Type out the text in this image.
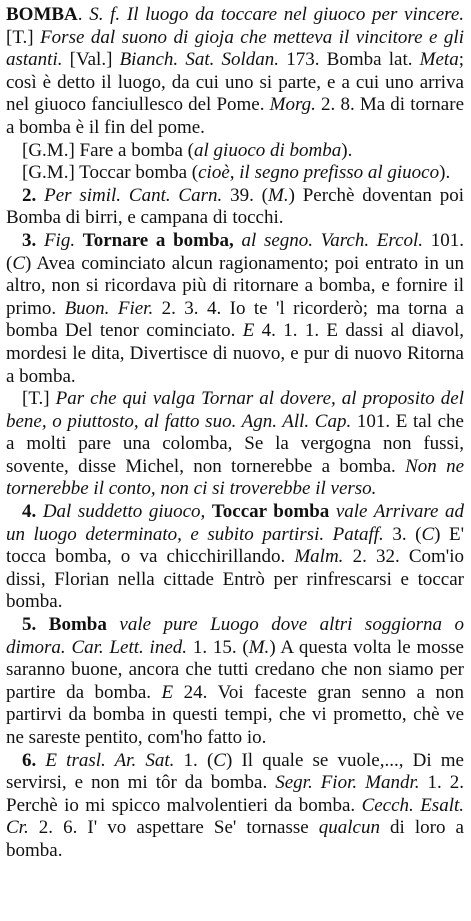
BOMBA. S. f. Il luogo da toccare nel giuoco per vincere. [T.] Forse dal suono di gioja che metteva il vincitore e gli astanti. [Val.] Bianch. Sat. Soldan. 173. Bomba lat. Meta; così è detto il luogo, da cui uno si parte, e a cui uno arriva nel giuoco fanciullesco del Pome. Morg. 2. 8. Ma di tornare a bomba è il fin del pome.

[G.M.] Fare a bomba (al giuoco di bomba).

[G.M.] Toccar bomba (cioè, il segno prefisso al giuoco).

2. Per simil. Cant. Carn. 39. (M.) Perchè doventan poi Bomba di birri, e campana di tocchi.

3. Fig. Tornare a bomba, al segno. Varch. Ercol. 101. (C) Avea cominciato alcun ragionamento; poi entrato in un altro, non si ricordava più di ritornare a bomba, e fornire il primo. Buon. Fier. 2. 3. 4. Io te 'l ricorderò; ma torna a bomba Del tenor cominciato. E 4. 1. 1. E dassi al diavol, mordesi le dita, Divertisce di nuovo, e pur di nuovo Ritorna a bomba.

[T.] Par che qui valga Tornar al dovere, al proposito del bene, o piuttosto, al fatto suo. Agn. All. Cap. 101. E tal che a molti pare una colomba, Se la vergogna non fussi, sovente, disse Michel, non tornerebbe a bomba. Non ne tornerebbe il conto, non ci si troverebbe il verso.

4. Dal suddetto giuoco, Toccar bomba vale Arrivare ad un luogo determinato, e subito partirsi. Pataff. 3. (C) E' tocca bomba, o va chicchirillando. Malm. 2. 32. Com'io dissi, Florian nella cittade Entrò per rinfrescarsi e toccar bomba.

5. Bomba vale pure Luogo dove altri soggiorna o dimora. Car. Lett. ined. 1. 15. (M.) A questa volta le mosse saranno buone, ancora che tutti credano che non siamo per partire da bomba. E 24. Voi faceste gran senno a non partirvi da bomba in questi tempi, che vi prometto, chè ve ne sareste pentito, com'ho fatto io.

6. E trasl. Ar. Sat. 1. (C) Il quale se vuole,..., Di me servirsi, e non mi tôr da bomba. Segr. Fior. Mandr. 1. 2. Perchè io mi spicco malvolentieri da bomba. Cecch. Esalt. Cr. 2. 6. I' vo aspettare Se' tornasse qualcun di loro a bomba.
